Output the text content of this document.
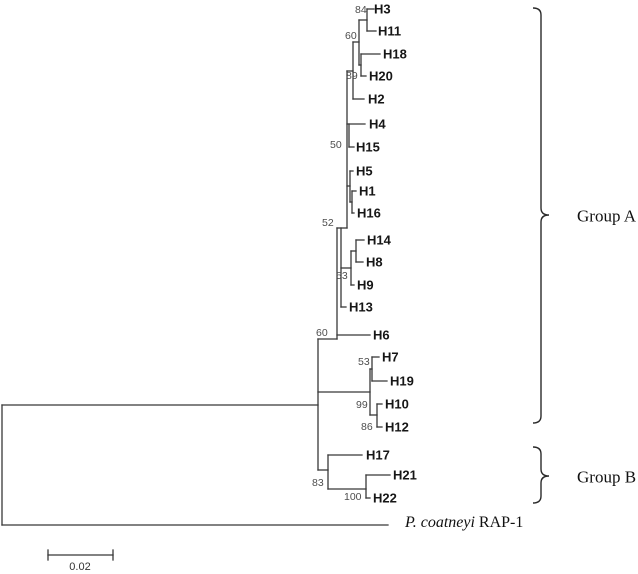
H3
H11
H18
H20
H2
H4
H15
H5
H1
H16
H14
H8
H9
H13
H6
H7
H19
H10
H12
H17
H21
H22
84
60
89
50
52
53
60
53
99
86
83
100
Group A
Group B
0.02
P. coatneyi RAP-1
